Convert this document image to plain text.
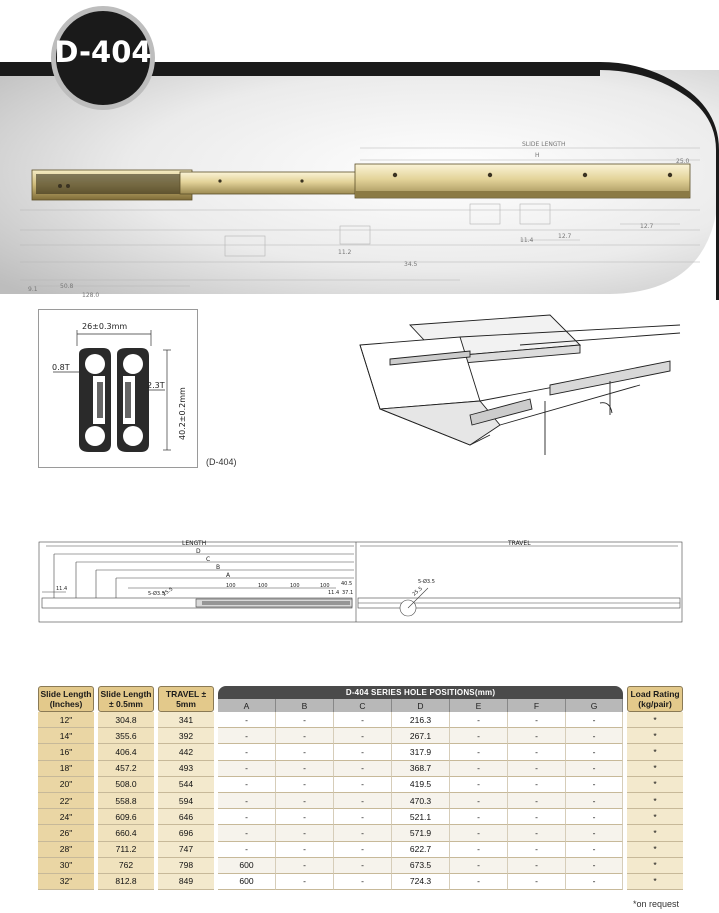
SLIDE LENGTH
H
25.0
11.4
12.7
12.7
11.2
34.5
9.1	50.8
128.0
D-404
26±0.3mm
0.8T
2.3T
40.2±0.2mm
(D-404)
LENGTH	TRAVEL
D
C
B
A
11.4	100	100	100	100 40.5
11.4 37.1
25.5
5-Ø3.5
5-Ø3.5
25.5
Slide Length (Inches)		Slide Length ± 0.5mm		TRAVEL ± 5mm		D-404 SERIES HOLE POSITIONS(mm)								Load Rating (kg/pair)
						A	B	C	D	E	F	G		
12"		304.8		341		-	-	-	216.3	-	-	-		*
14"		355.6		392		-	-	-	267.1	-	-	-		*
16"		406.4		442		-	-	-	317.9	-	-	-		*
18"		457.2		493		-	-	-	368.7	-	-	-		*
20"		508.0		544		-	-	-	419.5	-	-	-		*
22"		558.8		594		-	-	-	470.3	-	-	-		*
24"		609.6		646		-	-	-	521.1	-	-	-		*
26"		660.4		696		-	-	-	571.9	-	-	-		*
28"		711.2		747		-	-	-	622.7	-	-	-		*
30"		762		798		600	-	-	673.5	-	-	-		*
32"		812.8		849		600	-	-	724.3	-	-	-		*
*on request
